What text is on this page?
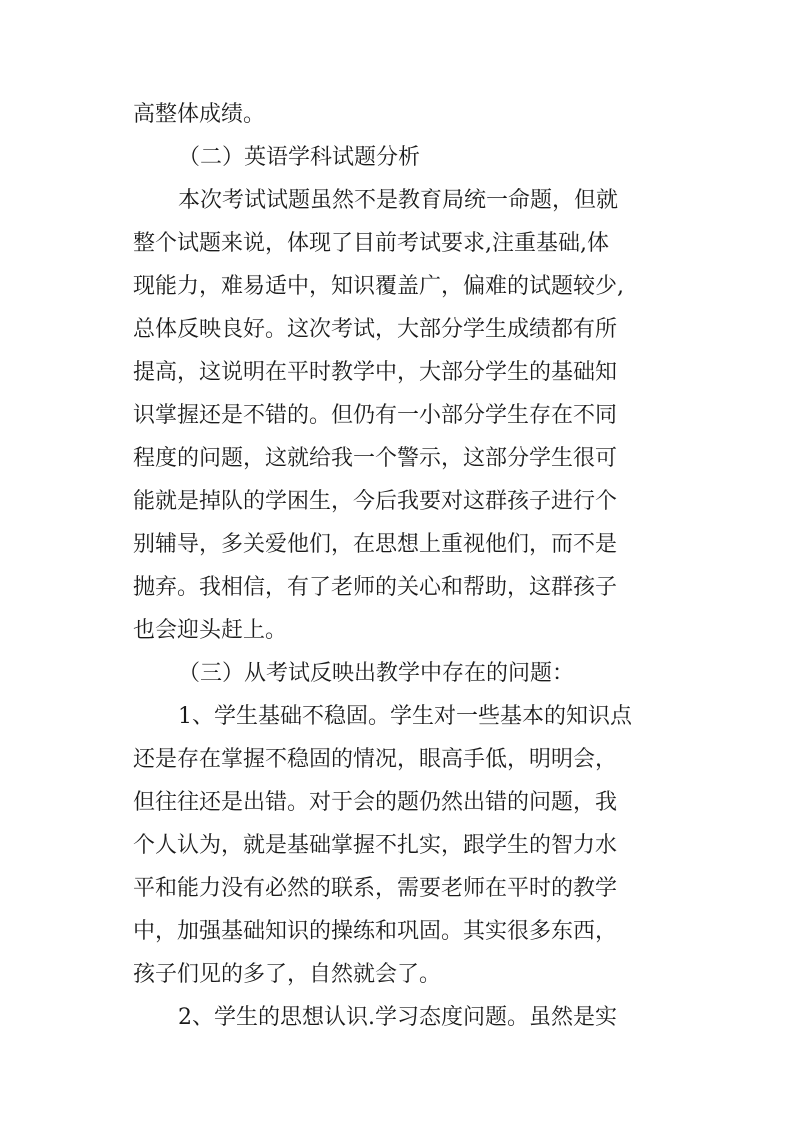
高整体成绩。
（二）英语学科试题分析
本次考试试题虽然不是教育局统一命题，但就
整个试题来说，体现了目前考试要求,注重基础,体
现能力，难易适中，知识覆盖广，偏难的试题较少,
总体反映良好。这次考试，大部分学生成绩都有所
提高，这说明在平时教学中，大部分学生的基础知
识掌握还是不错的。但仍有一小部分学生存在不同
程度的问题，这就给我一个警示，这部分学生很可
能就是掉队的学困生，今后我要对这群孩子进行个
别辅导，多关爱他们，在思想上重视他们，而不是
抛弃。我相信，有了老师的关心和帮助，这群孩子
也会迎头赶上。
（三）从考试反映出教学中存在的问题：
1、学生基础不稳固。学生对一些基本的知识点
还是存在掌握不稳固的情况，眼高手低，明明会，
但往往还是出错。对于会的题仍然出错的问题，我
个人认为，就是基础掌握不扎实，跟学生的智力水
平和能力没有必然的联系，需要老师在平时的教学
中，加强基础知识的操练和巩固。其实很多东西，
孩子们见的多了，自然就会了。
2、学生的思想认识.学习态度问题。虽然是实
